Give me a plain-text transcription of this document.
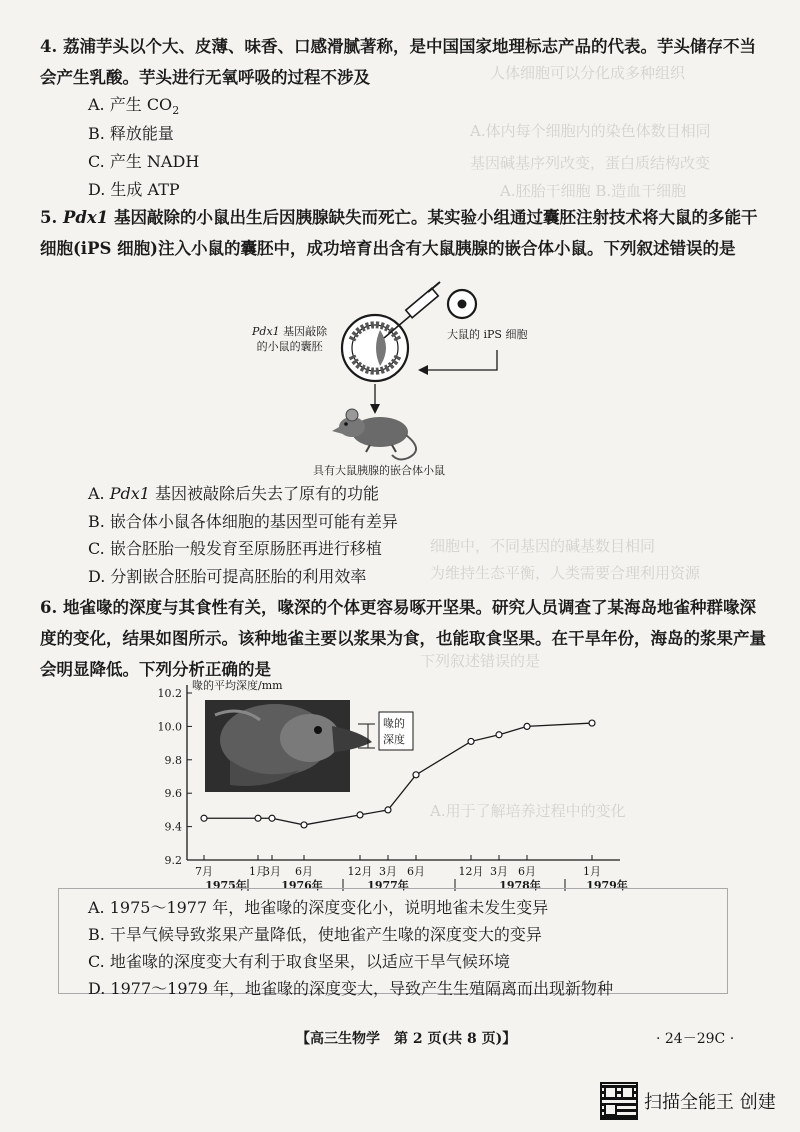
人体细胞可以分化成多种组织
A.体内每个细胞内的染色体数目相同
基因碱基序列改变，蛋白质结构改变
A.胚胎干细胞 B.造血干细胞
细胞中，不同基因的碱基数目相同
为维持生态平衡，人类需要合理利用资源
下列叙述错误的是
A.用于了解培养过程中的变化
4. 荔浦芋头以个大、皮薄、味香、口感滑腻著称，是中国国家地理标志产品的代表。芋头储存不当会产生乳酸。芋头进行无氧呼吸的过程不涉及
A. 产生 $CO_2$
B. 释放能量
C. 产生 NADH
D. 生成 ATP
5. Pdx1 基因敲除的小鼠出生后因胰腺缺失而死亡。某实验小组通过囊胚注射技术将大鼠的多能干细胞(iPS 细胞)注入小鼠的囊胚中，成功培育出含有大鼠胰腺的嵌合体小鼠。下列叙述错误的是
Pdx1 基因敲除
的小鼠的囊胚
大鼠的 iPS 细胞
具有大鼠胰腺的嵌合体小鼠
A. Pdx1 基因被敲除后失去了原有的功能
B. 嵌合体小鼠各体细胞的基因型可能有差异
C. 嵌合胚胎一般发育至原肠胚再进行移植
D. 分割嵌合胚胎可提高胚胎的利用效率
6. 地雀喙的深度与其食性有关，喙深的个体更容易啄开坚果。研究人员调查了某海岛地雀种群喙深度的变化，结果如图所示。该种地雀主要以浆果为食，也能取食坚果。在干旱年份，海岛的浆果产量会明显降低。下列分析正确的是
9.2
9.4
9.6
9.8
10.0
10.2
7月	1月
3月 6月	12月 3月 6月	12月 3月 6月	1月
1975年	1976年	1977年	1978年	1979年
喙的平均深度/mm
喙的
深度
A. 1975～1977 年，地雀喙的深度变化小，说明地雀未发生变异
B. 干旱气候导致浆果产量降低，使地雀产生喙的深度变大的变异
C. 地雀喙的深度变大有利于取食坚果，以适应干旱气候环境
D. 1977～1979 年，地雀喙的深度变大，导致产生生殖隔离而出现新物种
【高三生物学　第 2 页(共 8 页)】	· 24－29C ·
扫描全能王 创建
